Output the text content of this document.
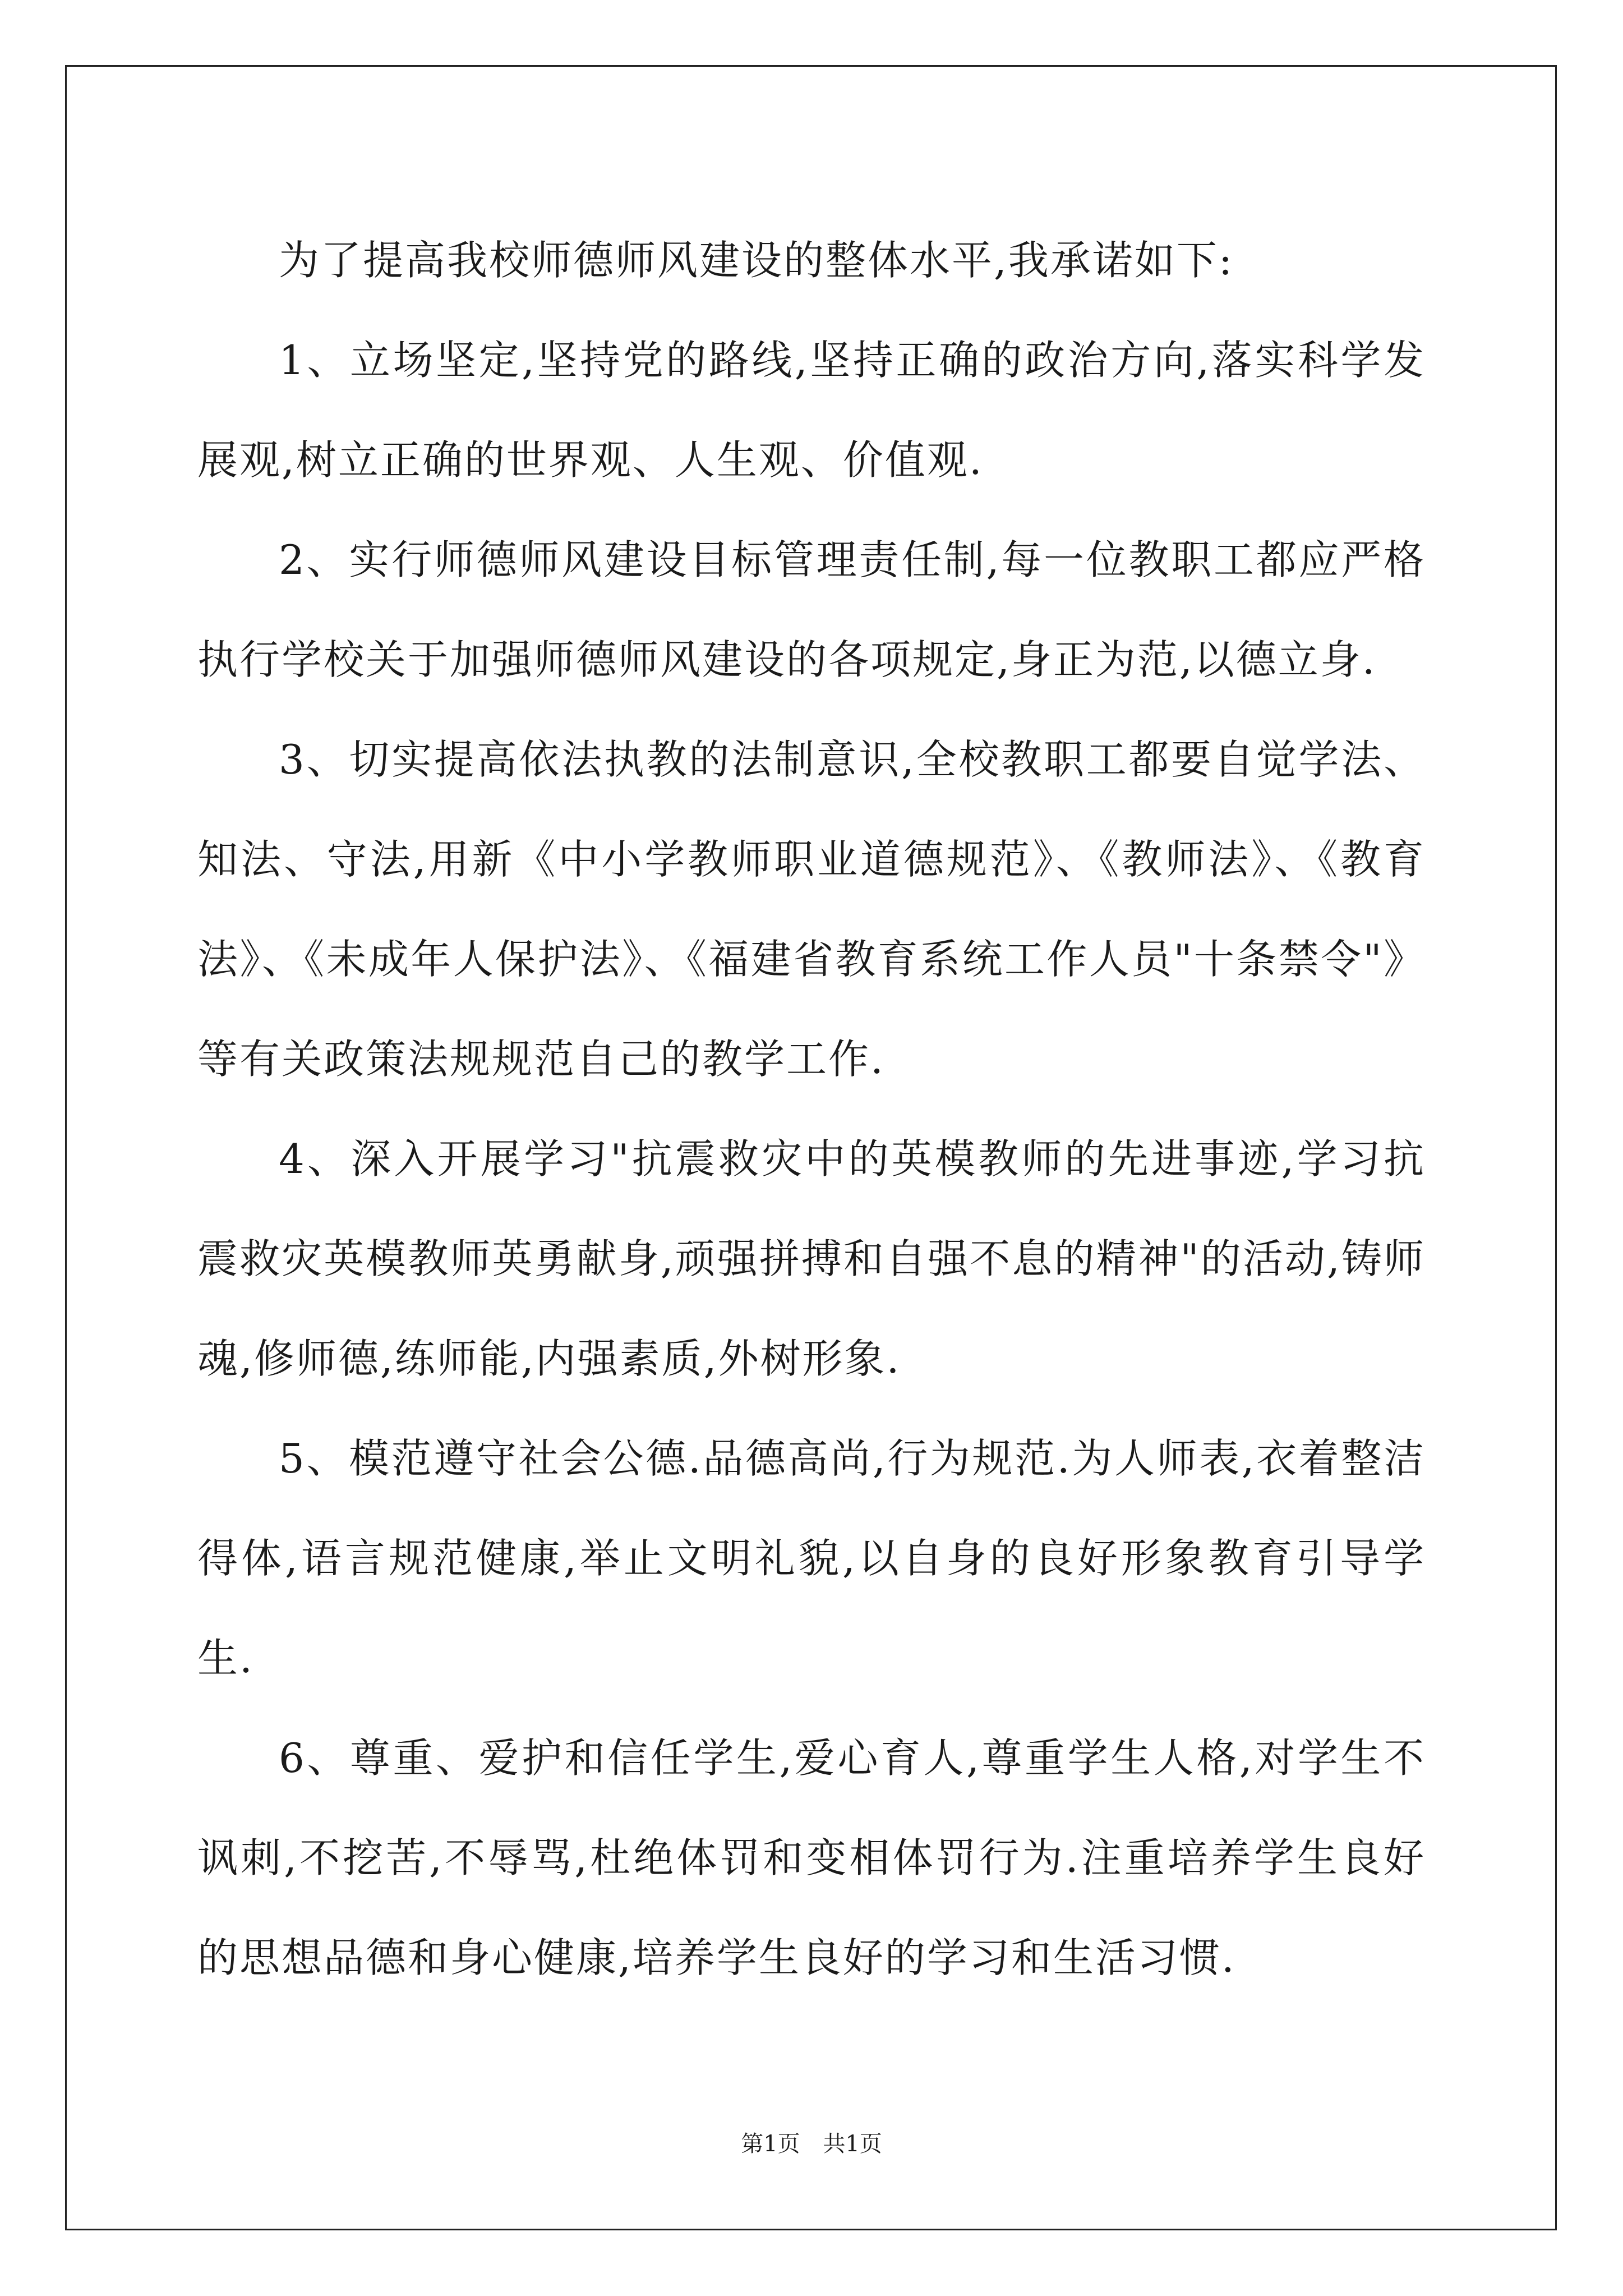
为了提高我校师德师风建设的整体水平,我承诺如下:

1、立场坚定,坚持党的路线,坚持正确的政治方向,落实科学发展观,树立正确的世界观、人生观、价值观.

2、实行师德师风建设目标管理责任制,每一位教职工都应严格执行学校关于加强师德师风建设的各项规定,身正为范,以德立身.

3、切实提高依法执教的法制意识,全校教职工都要自觉学法、知法、守法,用新《中小学教师职业道德规范》、《教师法》、《教育法》、《未成年人保护法》、《福建省教育系统工作人员"十条禁令"》等有关政策法规规范自己的教学工作.

4、深入开展学习"抗震救灾中的英模教师的先进事迹,学习抗震救灾英模教师英勇献身,顽强拼搏和自强不息的精神"的活动,铸师魂,修师德,练师能,内强素质,外树形象.

5、模范遵守社会公德.品德高尚,行为规范.为人师表,衣着整洁得体,语言规范健康,举止文明礼貌,以自身的良好形象教育引导学生.

6、尊重、爱护和信任学生,爱心育人,尊重学生人格,对学生不讽刺,不挖苦,不辱骂,杜绝体罚和变相体罚行为.注重培养学生良好的思想品德和身心健康,培养学生良好的学习和生活习惯.

第1页 共1页
